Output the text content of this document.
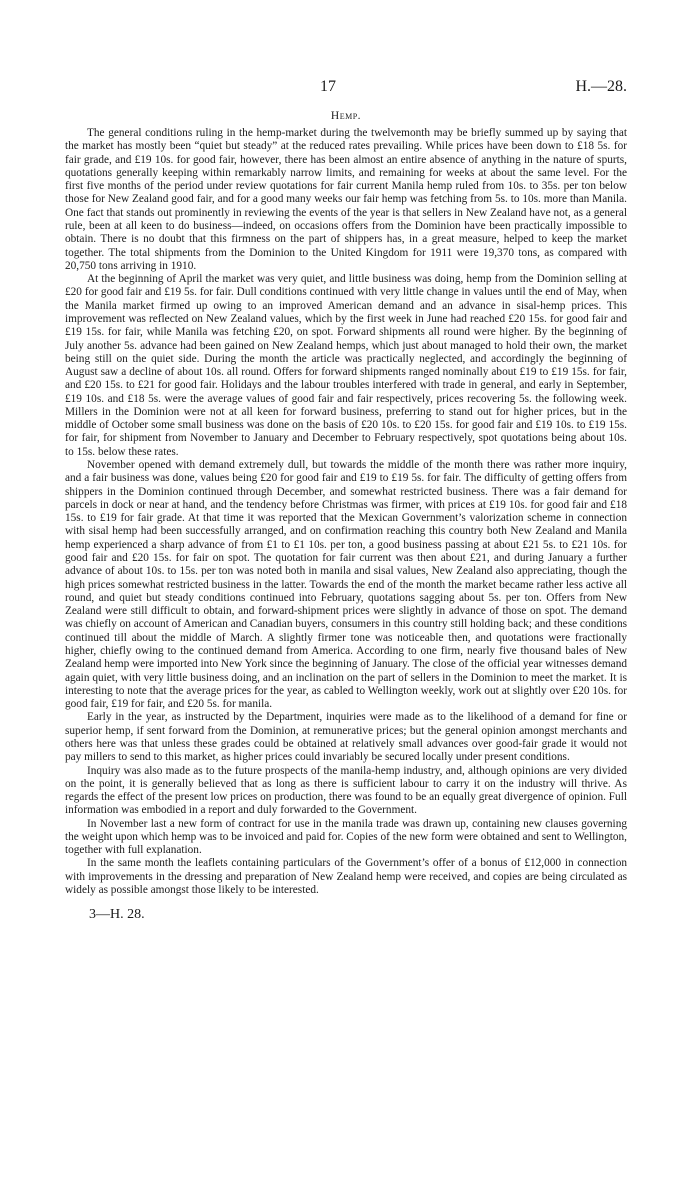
17	H.—28.
Hemp.

The general conditions ruling in the hemp-market during the twelvemonth may be briefly summed up by saying that the market has mostly been “quiet but steady” at the reduced rates prevailing. While prices have been down to £18 5s. for fair grade, and £19 10s. for good fair, however, there has been almost an entire absence of anything in the nature of spurts, quotations generally keeping within remarkably narrow limits, and remaining for weeks at about the same level. For the first five months of the period under review quotations for fair current Manila hemp ruled from 10s. to 35s. per ton below those for New Zealand good fair, and for a good many weeks our fair hemp was fetching from 5s. to 10s. more than Manila. One fact that stands out prominently in reviewing the events of the year is that sellers in New Zealand have not, as a general rule, been at all keen to do business—indeed, on occasions offers from the Dominion have been practically impossible to obtain. There is no doubt that this firmness on the part of shippers has, in a great measure, helped to keep the market together. The total shipments from the Dominion to the United Kingdom for 1911 were 19,370 tons, as compared with 20,750 tons arriving in 1910.

At the beginning of April the market was very quiet, and little business was doing, hemp from the Dominion selling at £20 for good fair and £19 5s. for fair. Dull conditions continued with very little change in values until the end of May, when the Manila market firmed up owing to an improved American demand and an advance in sisal-hemp prices. This improvement was reflected on New Zealand values, which by the first week in June had reached £20 15s. for good fair and £19 15s. for fair, while Manila was fetching £20, on spot. Forward shipments all round were higher. By the beginning of July another 5s. advance had been gained on New Zealand hemps, which just about managed to hold their own, the market being still on the quiet side. During the month the article was practically neglected, and accordingly the beginning of August saw a decline of about 10s. all round. Offers for forward shipments ranged nominally about £19 to £19 15s. for fair, and £20 15s. to £21 for good fair. Holidays and the labour troubles interfered with trade in general, and early in September, £19 10s. and £18 5s. were the average values of good fair and fair respectively, prices recovering 5s. the following week. Millers in the Dominion were not at all keen for forward business, preferring to stand out for higher prices, but in the middle of October some small business was done on the basis of £20 10s. to £20 15s. for good fair and £19 10s. to £19 15s. for fair, for shipment from November to January and December to February respectively, spot quotations being about 10s. to 15s. below these rates.

November opened with demand extremely dull, but towards the middle of the month there was rather more inquiry, and a fair business was done, values being £20 for good fair and £19 to £19 5s. for fair. The difficulty of getting offers from shippers in the Dominion continued through December, and somewhat restricted business. There was a fair demand for parcels in dock or near at hand, and the tendency before Christmas was firmer, with prices at £19 10s. for good fair and £18 15s. to £19 for fair grade. At that time it was reported that the Mexican Government’s valorization scheme in connection with sisal hemp had been successfully arranged, and on confirmation reaching this country both New Zealand and Manila hemp experienced a sharp advance of from £1 to £1 10s. per ton, a good business passing at about £21 5s. to £21 10s. for good fair and £20 15s. for fair on spot. The quotation for fair current was then about £21, and during January a further advance of about 10s. to 15s. per ton was noted both in manila and sisal values, New Zealand also appreciating, though the high prices somewhat restricted business in the latter. Towards the end of the month the market became rather less active all round, and quiet but steady conditions continued into February, quotations sagging about 5s. per ton. Offers from New Zealand were still difficult to obtain, and forward-shipment prices were slightly in advance of those on spot. The demand was chiefly on account of American and Canadian buyers, consumers in this country still holding back; and these conditions continued till about the middle of March. A slightly firmer tone was noticeable then, and quotations were fractionally higher, chiefly owing to the continued demand from America. According to one firm, nearly five thousand bales of New Zealand hemp were imported into New York since the beginning of January. The close of the official year witnesses demand again quiet, with very little business doing, and an inclination on the part of sellers in the Dominion to meet the market. It is interesting to note that the average prices for the year, as cabled to Wellington weekly, work out at slightly over £20 10s. for good fair, £19 for fair, and £20 5s. for manila.

Early in the year, as instructed by the Department, inquiries were made as to the likelihood of a demand for fine or superior hemp, if sent forward from the Dominion, at remunerative prices; but the general opinion amongst merchants and others here was that unless these grades could be obtained at relatively small advances over good-fair grade it would not pay millers to send to this market, as higher prices could invariably be secured locally under present conditions.

Inquiry was also made as to the future prospects of the manila-hemp industry, and, although opinions are very divided on the point, it is generally believed that as long as there is sufficient labour to carry it on the industry will thrive. As regards the effect of the present low prices on production, there was found to be an equally great divergence of opinion. Full information was embodied in a report and duly forwarded to the Government.

In November last a new form of contract for use in the manila trade was drawn up, containing new clauses governing the weight upon which hemp was to be invoiced and paid for. Copies of the new form were obtained and sent to Wellington, together with full explanation.

In the same month the leaflets containing particulars of the Government’s offer of a bonus of £12,000 in connection with improvements in the dressing and preparation of New Zealand hemp were received, and copies are being circulated as widely as possible amongst those likely to be interested.

3—H. 28.
